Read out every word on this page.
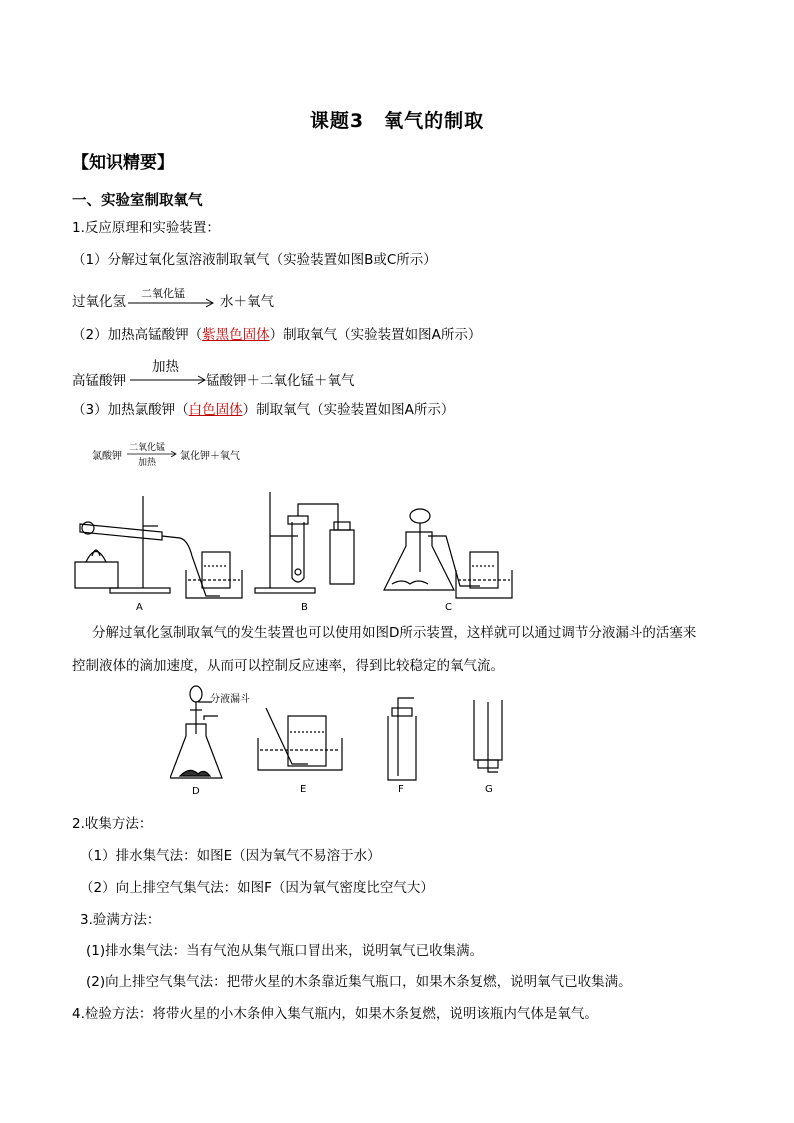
课题3　氧气的制取
【知识精要】
一、实验室制取氧气
1.反应原理和实验装置：
（1）分解过氧化氢溶液制取氧气（实验装置如图B或C所示）
过氧化氢
二氧化锰
水＋氧气
（2）加热高锰酸钾（紫黑色固体）制取氧气（实验装置如图A所示）
高锰酸钾
加热
锰酸钾＋二氧化锰＋氧气
（3）加热氯酸钾（白色固体）制取氧气（实验装置如图A所示）
氯酸钾
二氧化锰
加热
氯化钾＋氧气
A	B	C
分解过氧化氢制取氧气的发生装置也可以使用如图D所示装置，这样就可以通过调节分液漏斗的活塞来
控制液体的滴加速度，从而可以控制反应速率，得到比较稳定的氧气流。
分液漏斗
D	E	F	G
2.收集方法：
（1）排水集气法：如图E（因为氧气不易溶于水）
（2）向上排空气集气法：如图F（因为氧气密度比空气大）
3.验满方法：
(1)排水集气法：当有气泡从集气瓶口冒出来，说明氧气已收集满。
(2)向上排空气集气法：把带火星的木条靠近集气瓶口，如果木条复燃，说明氧气已收集满。
4.检验方法：将带火星的小木条伸入集气瓶内，如果木条复燃，说明该瓶内气体是氧气。
